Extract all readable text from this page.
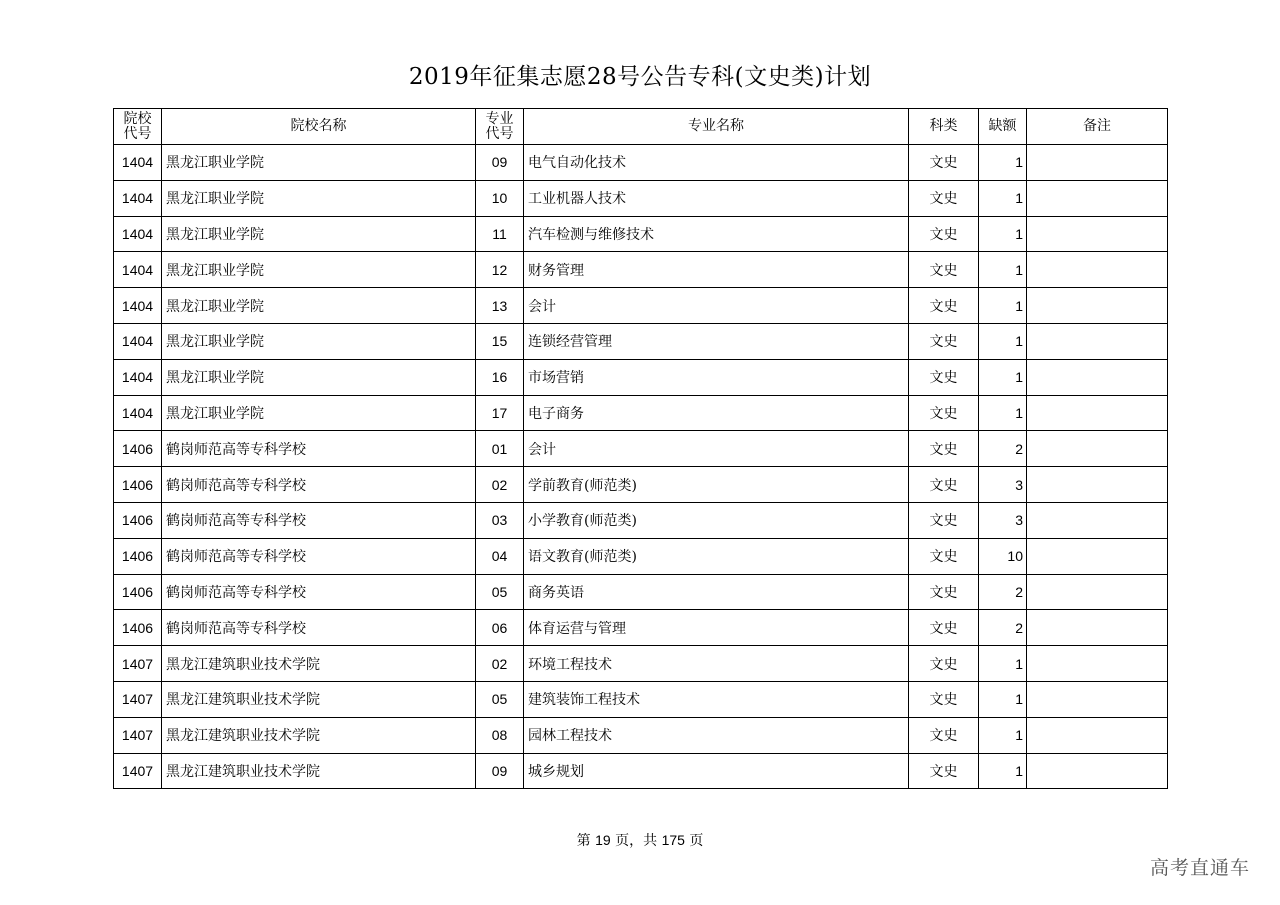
2019年征集志愿28号公告专科(文史类)计划
院校代号	院校名称	专业代号	专业名称	科类	缺额	备注
1404	黑龙江职业学院	09	电气自动化技术	文史	1	
1404	黑龙江职业学院	10	工业机器人技术	文史	1	
1404	黑龙江职业学院	11	汽车检测与维修技术	文史	1	
1404	黑龙江职业学院	12	财务管理	文史	1	
1404	黑龙江职业学院	13	会计	文史	1	
1404	黑龙江职业学院	15	连锁经营管理	文史	1	
1404	黑龙江职业学院	16	市场营销	文史	1	
1404	黑龙江职业学院	17	电子商务	文史	1	
1406	鹤岗师范高等专科学校	01	会计	文史	2	
1406	鹤岗师范高等专科学校	02	学前教育(师范类)	文史	3	
1406	鹤岗师范高等专科学校	03	小学教育(师范类)	文史	3	
1406	鹤岗师范高等专科学校	04	语文教育(师范类)	文史	10	
1406	鹤岗师范高等专科学校	05	商务英语	文史	2	
1406	鹤岗师范高等专科学校	06	体育运营与管理	文史	2	
1407	黑龙江建筑职业技术学院	02	环境工程技术	文史	1	
1407	黑龙江建筑职业技术学院	05	建筑装饰工程技术	文史	1	
1407	黑龙江建筑职业技术学院	08	园林工程技术	文史	1	
1407	黑龙江建筑职业技术学院	09	城乡规划	文史	1	
第 19 页，共 175 页
高考直通车
